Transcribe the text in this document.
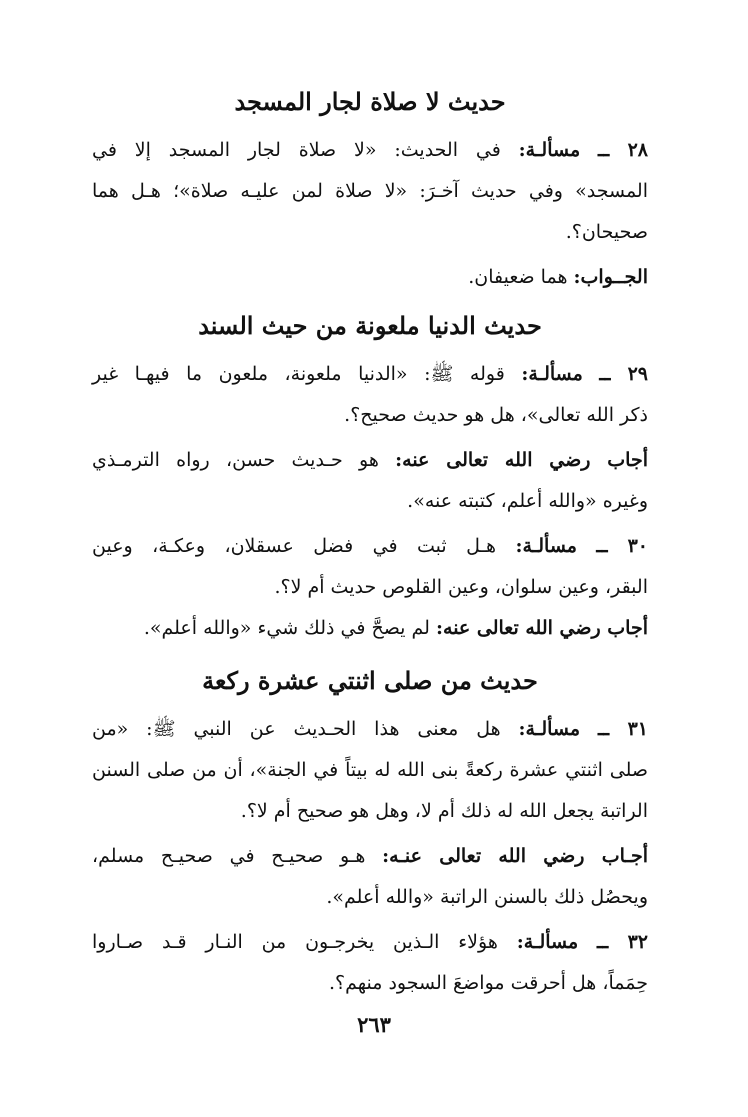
حديث لا صلاة لجار المسجد

٢٨ ــ مسألـة: في الحديث: «لا صلاة لجار المسجد إلا في
المسجد» وفي حديث آخـرَ: «لا صلاة لمن عليـه صلاة»؛ هـل هما
صحيحان؟.

الجــواب: هما ضعيفان.

حديث الدنيا ملعونة من حيث السند

٢٩ ــ مسألـة: قوله ﷺ: «الدنيا ملعونة، ملعون ما فيهـا غير
ذكر الله تعالى»، هل هو حديث صحيح؟.

أجاب رضي الله تعالى عنه: هو حـديث حسن، رواه الترمـذي
وغيره «والله أعلم، كتبته عنه».

٣٠ ــ مسألـة: هـل ثبت في فضل عسقلان، وعكـة، وعين
البقر، وعين سلوان، وعين القلوص حديث أم لا؟.

أجاب رضي الله تعالى عنه: لم يصحَّ في ذلك شيء «والله أعلم».

حديث من صلى اثنتي عشرة ركعة

٣١ ــ مسألـة: هل معنى هذا الحـديث عن النبي ﷺ: «من
صلى اثنتي عشرة ركعةً بنى الله له بيتاً في الجنة»، أن من صلى السنن
الراتبة يجعل الله له ذلك أم لا، وهل هو صحيح أم لا؟.

أجـاب رضي الله تعالى عنـه: هـو صحيـح في صحيـح مسلم،
ويحصُل ذلك بالسنن الراتبة «والله أعلم».

٣٢ ــ مسألـة: هؤلاء الـذين يخرجـون من النـار قـد صـاروا
حِمَماً، هل أحرقت مواضعَ السجود منهم؟.

٢٦٣
